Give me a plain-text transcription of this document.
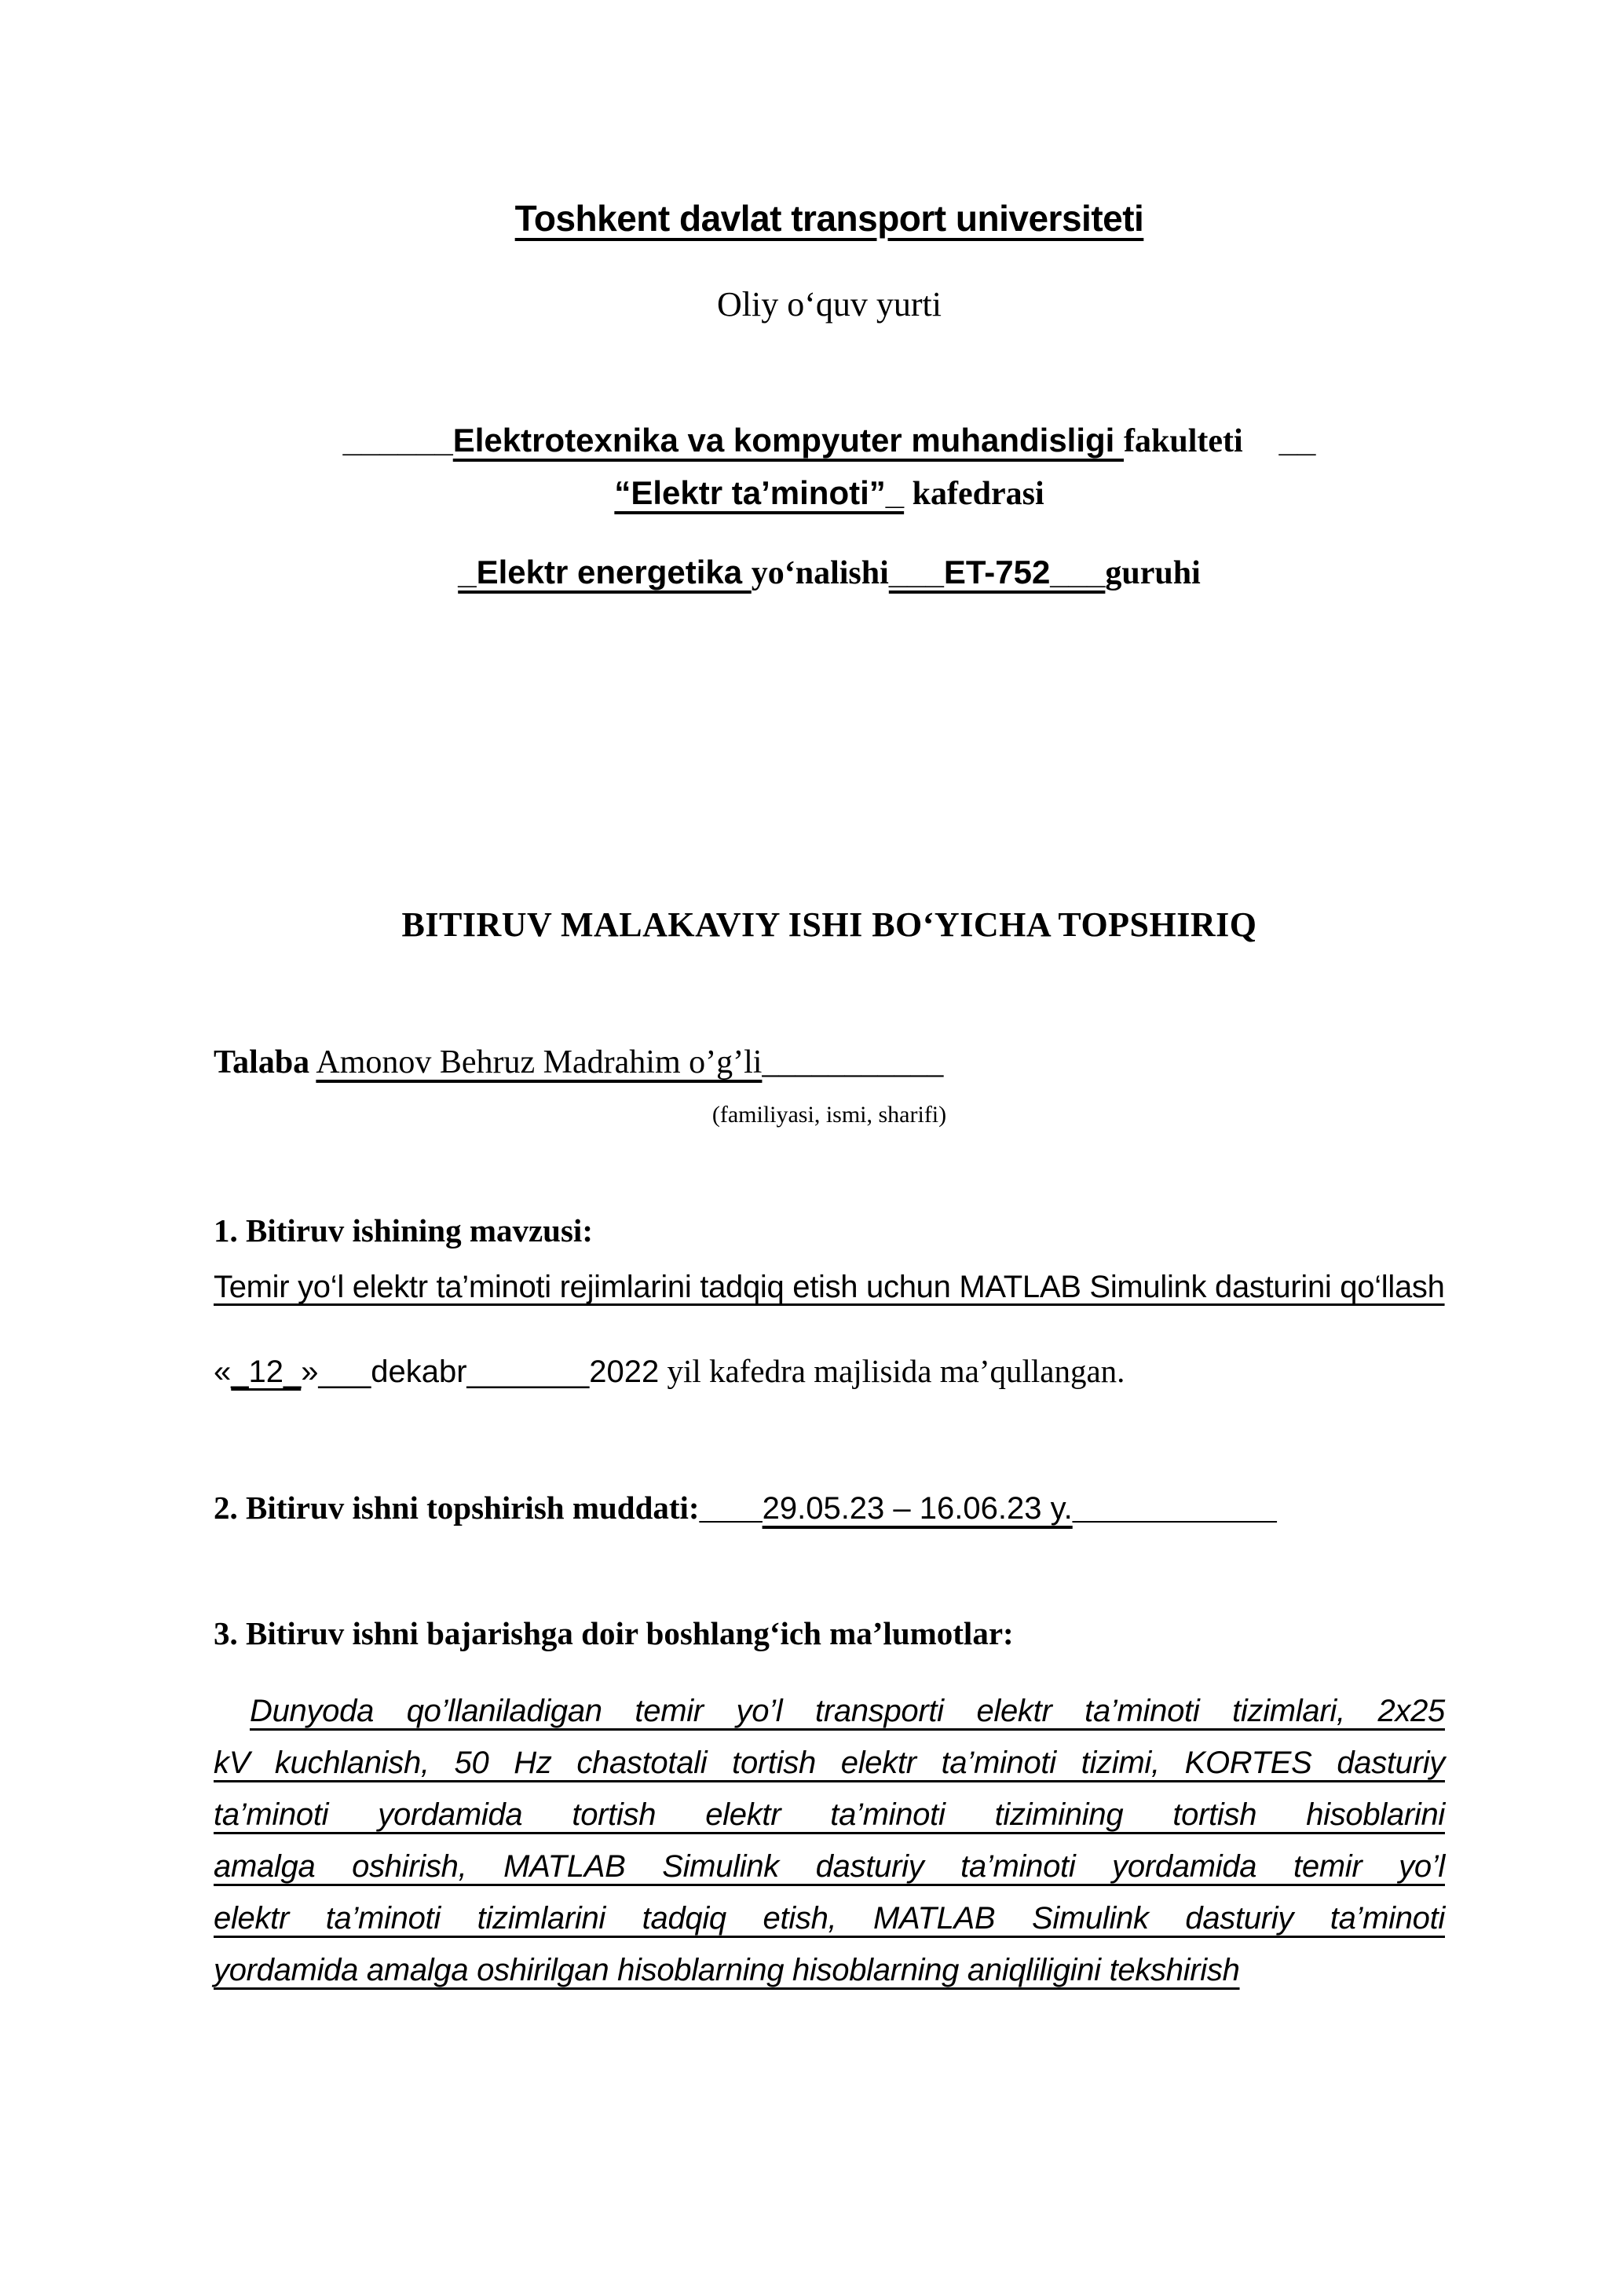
Toshkent davlat transport universiteti
Oliy o‘quv yurti
______Elektrotexnika va kompyuter muhandisligi fakulteti __
“Elektr ta’minoti”_ kafedrasi
_Elektr energetika yo‘nalishi___ET-752___guruhi
BITIRUV MALAKAVIY ISHI BO‘YICHA TOPSHIRIQ
Talaba Amonov Behruz Madrahim o’g’li___________
(familiyasi, ismi, sharifi)
1. Bitiruv ishining mavzusi:
Temir yo‘l elektr ta’minoti rejimlarini tadqiq etish uchun MATLAB Simulink dasturini qo‘llash
«_12_»___dekabr_______2022 yil kafedra majlisida ma’qullangan.
2. Bitiruv ishni topshirish muddati:____29.05.23 – 16.06.23 y._____________
3. Bitiruv ishni bajarishga doir boshlang‘ich ma’lumotlar:
Dunyoda qo’llaniladigan temir yo’l transporti elektr ta’minoti tizimlari, 2x25
kV kuchlanish, 50 Hz chastotali tortish elektr ta’minoti tizimi, KORTES dasturiy
ta’minoti yordamida tortish elektr ta’minoti tizimining tortish hisoblarini
amalga oshirish, MATLAB Simulink dasturiy ta’minoti yordamida temir yo’l
elektr ta’minoti tizimlarini tadqiq etish, MATLAB Simulink dasturiy ta’minoti
yordamida amalga oshirilgan hisoblarning hisoblarning aniqliligini tekshirish
